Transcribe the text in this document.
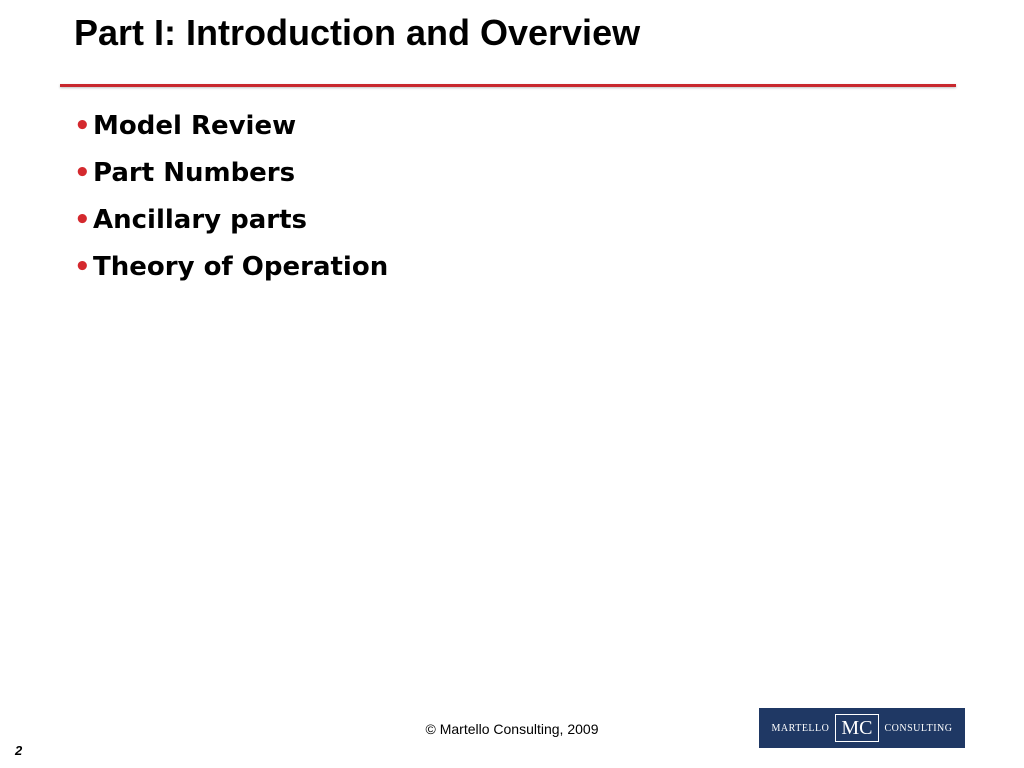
Part I: Introduction and Overview
• Model Review
• Part Numbers
• Ancillary parts
• Theory of Operation
© Martello Consulting, 2009
2
MARTELLO MC	CONSULTING
